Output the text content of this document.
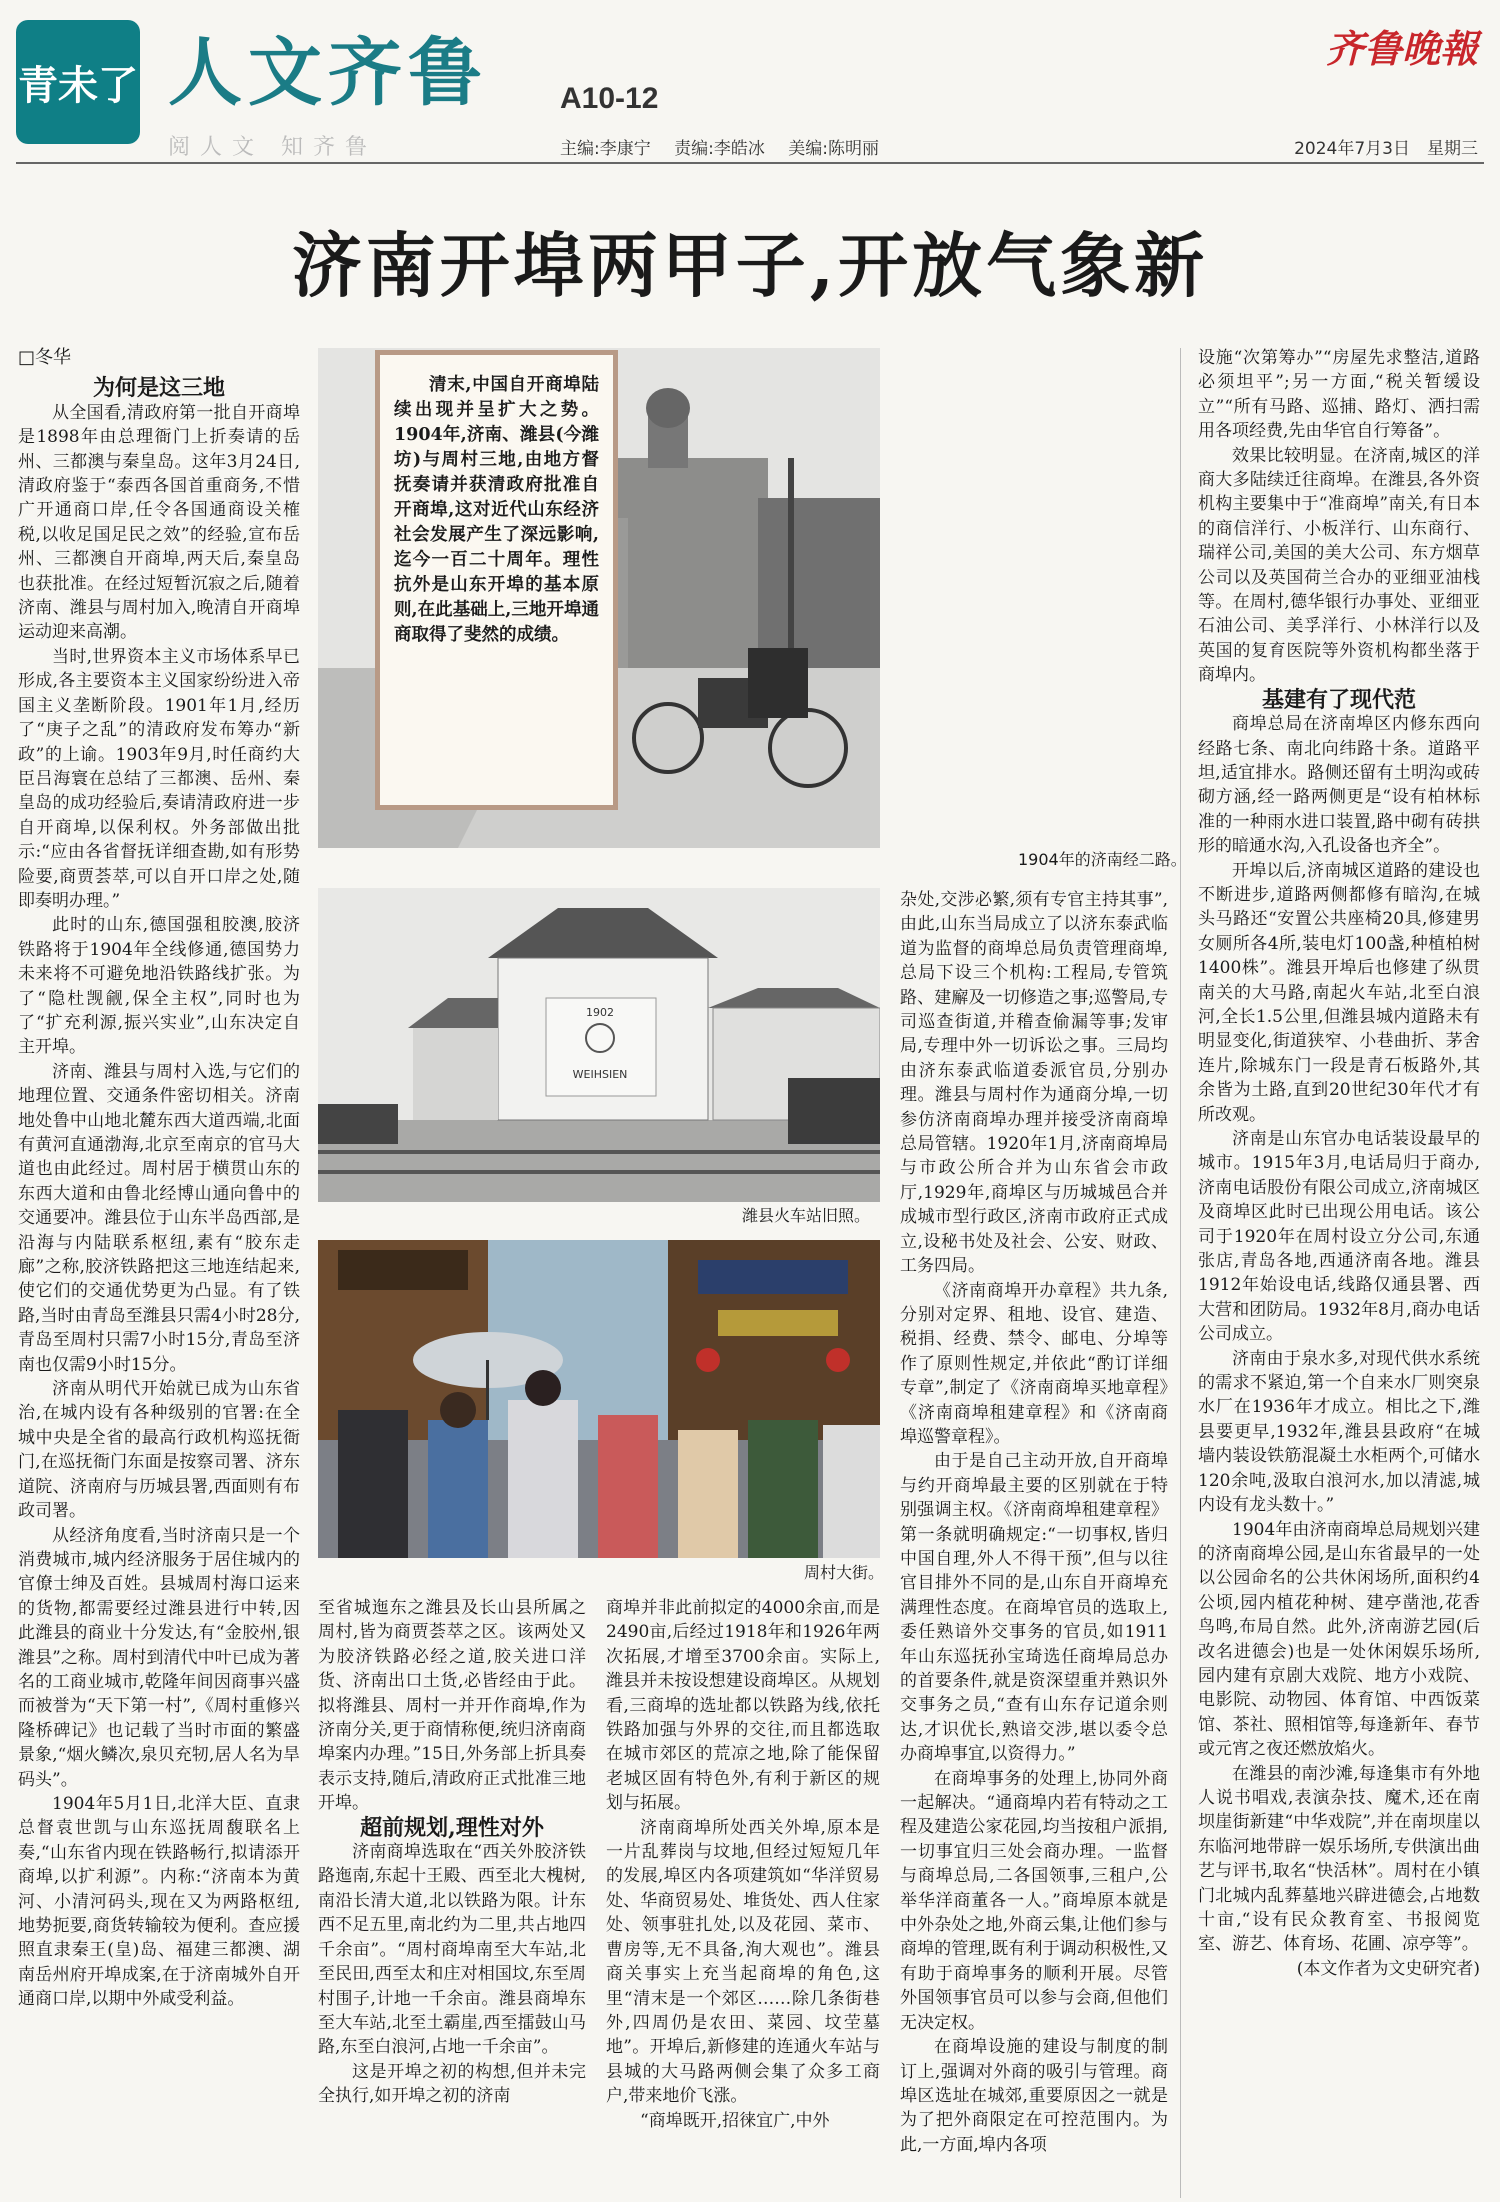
青未了 人文齐鲁 A10-12
阅人文 知齐鲁	主编:李康宁 责编:李皓冰 美编:陈明丽
齐鲁晚報
2024年7月3日　星期三
济南开埠两甲子,开放气象新
□冬华

为何是这三地

从全国看,清政府第一批自开商埠是1898年由总理衙门上折奏请的岳州、三都澳与秦皇岛。这年3月24日,清政府鉴于“泰西各国首重商务,不惜广开通商口岸,任令各国通商设关榷税,以收足国足民之效”的经验,宣布岳州、三都澳自开商埠,两天后,秦皇岛也获批准。在经过短暂沉寂之后,随着济南、潍县与周村加入,晚清自开商埠运动迎来高潮。

当时,世界资本主义市场体系早已形成,各主要资本主义国家纷纷进入帝国主义垄断阶段。1901年1月,经历了“庚子之乱”的清政府发布筹办“新政”的上谕。1903年9月,时任商约大臣吕海寰在总结了三都澳、岳州、秦皇岛的成功经验后,奏请清政府进一步自开商埠,以保利权。外务部做出批示:“应由各省督抚详细查勘,如有形势险要,商贾荟萃,可以自开口岸之处,随即奏明办理。”

此时的山东,德国强租胶澳,胶济铁路将于1904年全线修通,德国势力未来将不可避免地沿铁路线扩张。为了“隐杜觊觎,保全主权”,同时也为了“扩充利源,振兴实业”,山东决定自主开埠。

济南、潍县与周村入选,与它们的地理位置、交通条件密切相关。济南地处鲁中山地北麓东西大道西端,北面有黄河直通渤海,北京至南京的官马大道也由此经过。周村居于横贯山东的东西大道和由鲁北经博山通向鲁中的交通要冲。潍县位于山东半岛西部,是沿海与内陆联系枢纽,素有“胶东走廊”之称,胶济铁路把这三地连结起来,使它们的交通优势更为凸显。有了铁路,当时由青岛至潍县只需4小时28分,青岛至周村只需7小时15分,青岛至济南也仅需9小时15分。

济南从明代开始就已成为山东省治,在城内设有各种级别的官署:在全城中央是全省的最高行政机构巡抚衙门,在巡抚衙门东面是按察司署、济东道院、济南府与历城县署,西面则有布政司署。

从经济角度看,当时济南只是一个消费城市,城内经济服务于居住城内的官僚士绅及百姓。县城周村海口运来的货物,都需要经过潍县进行中转,因此潍县的商业十分发达,有“金胶州,银潍县”之称。周村到清代中叶已成为著名的工商业城市,乾隆年间因商事兴盛而被誉为“天下第一村”,《周村重修兴隆桥碑记》也记载了当时市面的繁盛景象,“烟火鳞次,泉贝充牣,居人名为旱码头”。

1904年5月1日,北洋大臣、直隶总督袁世凯与山东巡抚周馥联名上奏,“山东省内现在铁路畅行,拟请添开商埠,以扩利源”。内称:“济南本为黄河、小清河码头,现在又为两路枢纽,地势扼要,商货转输较为便利。查应援照直隶秦王(皇)岛、福建三都澳、湖南岳州府开埠成案,在于济南城外自开通商口岸,以期中外咸受利益。

清末,中国自开商埠陆续出现并呈扩大之势。1904年,济南、潍县(今潍坊)与周村三地,由地方督抚奏请并获清政府批准自开商埠,这对近代山东经济社会发展产生了深远影响,迄今一百二十周年。理性抗外是山东开埠的基本原则,在此基础上,三地开埠通商取得了斐然的成绩。

1904年的济南经二路。
1902
WEIHSIEN
潍县火车站旧照。
周村大街。

至省城迤东之潍县及长山县所属之周村,皆为商贾荟萃之区。该两处又为胶济铁路必经之道,胶关进口洋货、济南出口土货,必皆经由于此。拟将潍县、周村一并开作商埠,作为济南分关,更于商情称便,统归济南商埠案内办理。”15日,外务部上折具奏表示支持,随后,清政府正式批准三地开埠。

超前规划,理性对外

济南商埠选取在“西关外胶济铁路迤南,东起十王殿、西至北大槐树,南沿长清大道,北以铁路为限。计东西不足五里,南北约为二里,共占地四千余亩”。“周村商埠南至大车站,北至民田,西至太和庄对相国坟,东至周村围子,计地一千余亩。潍县商埠东至大车站,北至土霸崖,西至擂鼓山马路,东至白浪河,占地一千余亩”。

这是开埠之初的构想,但并未完全执行,如开埠之初的济南

商埠并非此前拟定的4000余亩,而是2490亩,后经过1918年和1926年两次拓展,才增至3700余亩。实际上,潍县并未按设想建设商埠区。从规划看,三商埠的选址都以铁路为线,依托铁路加强与外界的交往,而且都选取在城市郊区的荒凉之地,除了能保留老城区固有特色外,有利于新区的规划与拓展。

济南商埠所处西关外埠,原本是一片乱葬岗与坟地,但经过短短几年的发展,埠区内各项建筑如“华洋贸易处、华商贸易处、堆货处、西人住家处、领事驻扎处,以及花园、菜市、曹房等,无不具备,洵大观也”。潍县商关事实上充当起商埠的角色,这里“清末是一个郊区……除几条街巷外,四周仍是农田、菜园、坟茔墓地”。开埠后,新修建的连通火车站与县城的大马路两侧会集了众多工商户,带来地价飞涨。

“商埠既开,招徕宜广,中外

杂处,交涉必繁,须有专官主持其事”,由此,山东当局成立了以济东泰武临道为监督的商埠总局负责管理商埠,总局下设三个机构:工程局,专管筑路、建廨及一切修造之事;巡警局,专司巡查街道,并稽查偷漏等事;发审局,专理中外一切诉讼之事。三局均由济东泰武临道委派官员,分别办理。潍县与周村作为通商分埠,一切参仿济南商埠办理并接受济南商埠总局管辖。1920年1月,济南商埠局与市政公所合并为山东省会市政厅,1929年,商埠区与历城城邑合并成城市型行政区,济南市政府正式成立,设秘书处及社会、公安、财政、工务四局。

《济南商埠开办章程》共九条,分别对定界、租地、设官、建造、税捐、经费、禁令、邮电、分埠等作了原则性规定,并依此“酌订详细专章”,制定了《济南商埠买地章程》《济南商埠租建章程》和《济南商埠巡警章程》。

由于是自己主动开放,自开商埠与约开商埠最主要的区别就在于特别强调主权。《济南商埠租建章程》第一条就明确规定:“一切事权,皆归中国自理,外人不得干预”,但与以往官目排外不同的是,山东自开商埠充满理性态度。在商埠官员的选取上,委任熟谙外交事务的官员,如1911年山东巡抚孙宝琦选任商埠局总办的首要条件,就是资深望重并熟识外交事务之员,“查有山东存记道余则达,才识优长,熟谙交涉,堪以委令总办商埠事宜,以资得力。”

在商埠事务的处理上,协同外商一起解决。“通商埠内若有特动之工程及建造公家花园,均当按租户派捐,一切事宜归三处会商办理。一监督与商埠总局,二各国领事,三租户,公举华洋商董各一人。”商埠原本就是中外杂处之地,外商云集,让他们参与商埠的管理,既有利于调动积极性,又有助于商埠事务的顺利开展。尽管外国领事官员可以参与会商,但他们无决定权。

在商埠设施的建设与制度的制订上,强调对外商的吸引与管理。商埠区选址在城郊,重要原因之一就是为了把外商限定在可控范围内。为此,一方面,埠内各项

设施“次第筹办”“房屋先求整洁,道路必须坦平”;另一方面,“税关暂缓设立”“所有马路、巡捕、路灯、洒扫需用各项经费,先由华官自行筹备”。

效果比较明显。在济南,城区的洋商大多陆续迁往商埠。在潍县,各外资机构主要集中于“准商埠”南关,有日本的商信洋行、小板洋行、山东商行、瑞祥公司,美国的美大公司、东方烟草公司以及英国荷兰合办的亚细亚油栈等。在周村,德华银行办事处、亚细亚石油公司、美孚洋行、小林洋行以及英国的复育医院等外资机构都坐落于商埠内。

基建有了现代范

商埠总局在济南埠区内修东西向经路七条、南北向纬路十条。道路平坦,适宜排水。路侧还留有土明沟或砖砌方涵,经一路两侧更是“设有柏林标准的一种雨水进口装置,路中砌有砖拱形的暗通水沟,入孔设备也齐全”。

开埠以后,济南城区道路的建设也不断进步,道路两侧都修有暗沟,在城头马路还“安置公共座椅20具,修建男女厕所各4所,装电灯100盏,种植柏树1400株”。潍县开埠后也修建了纵贯南关的大马路,南起火车站,北至白浪河,全长1.5公里,但潍县城内道路未有明显变化,街道狭窄、小巷曲折、茅舍连片,除城东门一段是青石板路外,其余皆为土路,直到20世纪30年代才有所改观。

济南是山东官办电话装设最早的城市。1915年3月,电话局归于商办,济南电话股份有限公司成立,济南城区及商埠区此时已出现公用电话。该公司于1920年在周村设立分公司,东通张店,青岛各地,西通济南各地。潍县1912年始设电话,线路仅通县署、西大营和团防局。1932年8月,商办电话公司成立。

济南由于泉水多,对现代供水系统的需求不紧迫,第一个自来水厂则突泉水厂在1936年才成立。相比之下,潍县要更早,1932年,潍县县政府“在城墙内装设铁筋混凝土水柜两个,可储水120余吨,汲取白浪河水,加以清滤,城内设有龙头数十。”

1904年由济南商埠总局规划兴建的济南商埠公园,是山东省最早的一处以公园命名的公共休闲场所,面积约4公顷,园内植花种树、建亭凿池,花香鸟鸣,布局自然。此外,济南游艺园(后改名进德会)也是一处休闲娱乐场所,园内建有京剧大戏院、地方小戏院、电影院、动物园、体育馆、中西饭菜馆、茶社、照相馆等,每逢新年、春节或元宵之夜还燃放焰火。

在潍县的南沙滩,每逢集市有外地人说书唱戏,表演杂技、魔术,还在南坝崖街新建“中华戏院”,并在南坝崖以东临河地带辟一娱乐场所,专供演出曲艺与评书,取名“快活林”。周村在小镇门北城内乱葬墓地兴辟进德会,占地数十亩,“设有民众教育室、书报阅览室、游艺、体育场、花圃、凉亭等”。

(本文作者为文史研究者)
